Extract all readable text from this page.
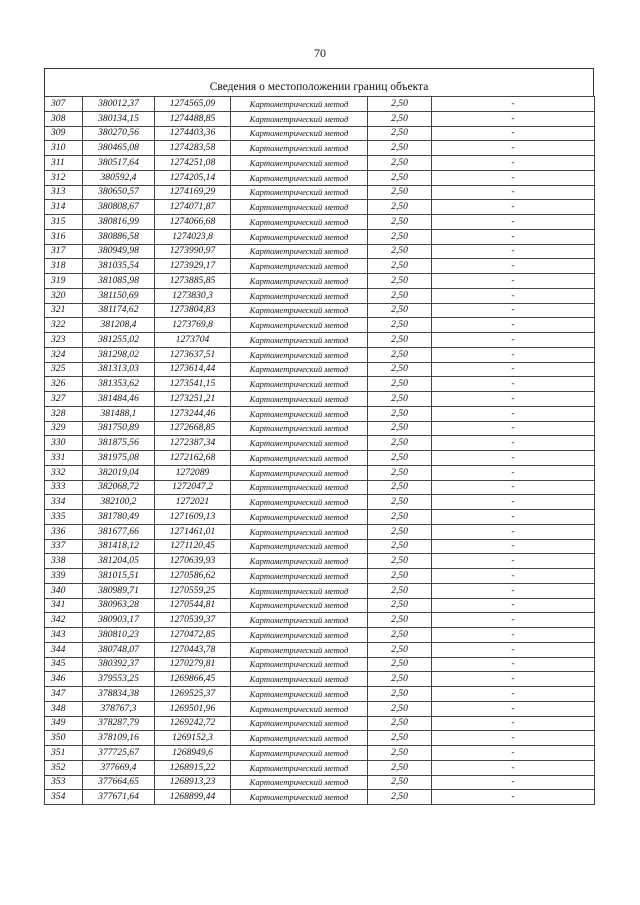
70
Сведения о местоположении границ объекта
307	380012,37	1274565,09	Картометрический метод	2,50	-
308	380134,15	1274488,85	Картометрический метод	2,50	-
309	380270,56	1274403,36	Картометрический метод	2,50	-
310	380465,08	1274283,58	Картометрический метод	2,50	-
311	380517,64	1274251,08	Картометрический метод	2,50	-
312	380592,4	1274205,14	Картометрический метод	2,50	-
313	380650,57	1274169,29	Картометрический метод	2,50	-
314	380808,67	1274071,87	Картометрический метод	2,50	-
315	380816,99	1274066,68	Картометрический метод	2,50	-
316	380886,58	1274023,8	Картометрический метод	2,50	-
317	380949,98	1273990,97	Картометрический метод	2,50	-
318	381035,54	1273929,17	Картометрический метод	2,50	-
319	381085,98	1273885,85	Картометрический метод	2,50	-
320	381150,69	1273830,3	Картометрический метод	2,50	-
321	381174,62	1273804,83	Картометрический метод	2,50	-
322	381208,4	1273769,8	Картометрический метод	2,50	-
323	381255,02	1273704	Картометрический метод	2,50	-
324	381298,02	1273637,51	Картометрический метод	2,50	-
325	381313,03	1273614,44	Картометрический метод	2,50	-
326	381353,62	1273541,15	Картометрический метод	2,50	-
327	381484,46	1273251,21	Картометрический метод	2,50	-
328	381488,1	1273244,46	Картометрический метод	2,50	-
329	381750,89	1272668,85	Картометрический метод	2,50	-
330	381875,56	1272387,34	Картометрический метод	2,50	-
331	381975,08	1272162,68	Картометрический метод	2,50	-
332	382019,04	1272089	Картометрический метод	2,50	-
333	382068,72	1272047,2	Картометрический метод	2,50	-
334	382100,2	1272021	Картометрический метод	2,50	-
335	381780,49	1271609,13	Картометрический метод	2,50	-
336	381677,66	1271461,01	Картометрический метод	2,50	-
337	381418,12	1271120,45	Картометрический метод	2,50	-
338	381204,05	1270639,93	Картометрический метод	2,50	-
339	381015,51	1270586,62	Картометрический метод	2,50	-
340	380989,71	1270559,25	Картометрический метод	2,50	-
341	380963,28	1270544,81	Картометрический метод	2,50	-
342	380903,17	1270539,37	Картометрический метод	2,50	-
343	380810,23	1270472,85	Картометрический метод	2,50	-
344	380748,07	1270443,78	Картометрический метод	2,50	-
345	380392,37	1270279,81	Картометрический метод	2,50	-
346	379553,25	1269866,45	Картометрический метод	2,50	-
347	378834,38	1269525,37	Картометрический метод	2,50	-
348	378767,3	1269501,96	Картометрический метод	2,50	-
349	378287,79	1269242,72	Картометрический метод	2,50	-
350	378109,16	1269152,3	Картометрический метод	2,50	-
351	377725,67	1268949,6	Картометрический метод	2,50	-
352	377669,4	1268915,22	Картометрический метод	2,50	-
353	377664,65	1268913,23	Картометрический метод	2,50	-
354	377671,64	1268899,44	Картометрический метод	2,50	-
